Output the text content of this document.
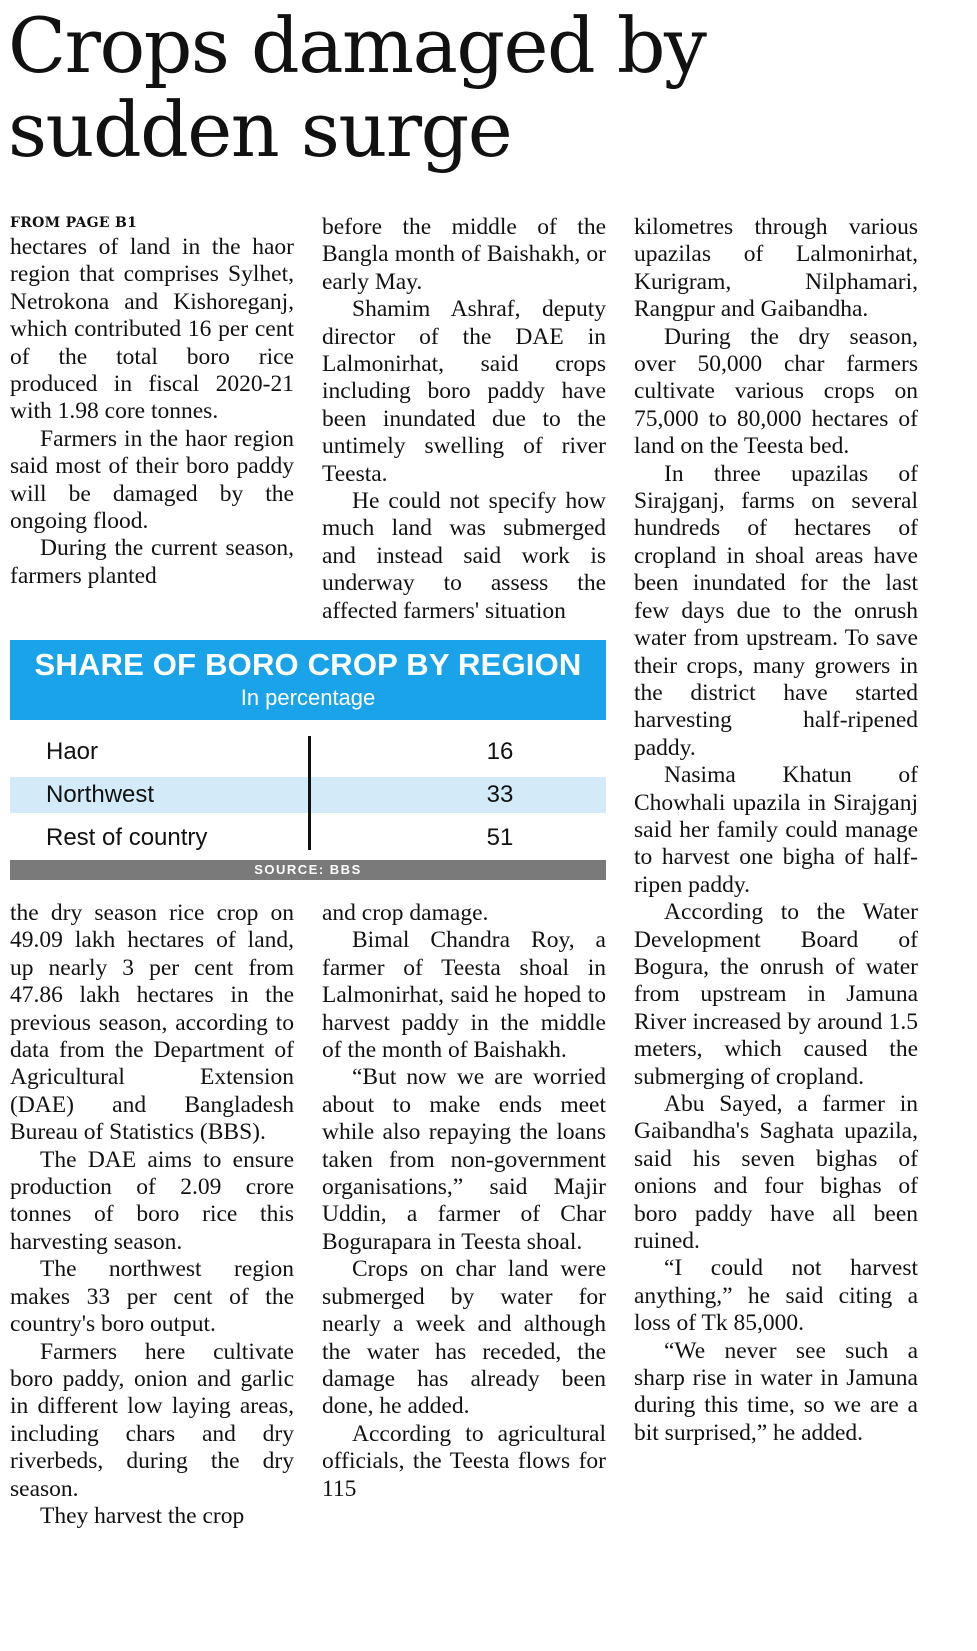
Crops damaged by sudden surge
FROM PAGE B1

hectares of land in the haor region that comprises Sylhet, Netrokona and Kishoreganj, which contributed 16 per cent of the total boro rice produced in fiscal 2020-21 with 1.98 core tonnes.

Farmers in the haor region said most of their boro paddy will be damaged by the ongoing flood.

During the current season, farmers planted

before the middle of the Bangla month of Baishakh, or early May.

Shamim Ashraf, deputy director of the DAE in Lalmonirhat, said crops including boro paddy have been inundated due to the untimely swelling of river Teesta.

He could not specify how much land was submerged and instead said work is underway to assess the affected farmers' situation

kilometres through various upazilas of Lalmonirhat, Kurigram, Nilphamari, Rangpur and Gaibandha.

During the dry season, over 50,000 char farmers cultivate various crops on 75,000 to 80,000 hectares of land on the Teesta bed.

In three upazilas of Sirajganj, farms on several hundreds of hectares of cropland in shoal areas have been inundated for the last few days due to the onrush water from upstream. To save their crops, many growers in the district have started harvesting half-ripened paddy.

Nasima Khatun of Chowhali upazila in Sirajganj said her family could manage to harvest one bigha of half-ripen paddy.

According to the Water Development Board of Bogura, the onrush of water from upstream in Jamuna River increased by around 1.5 meters, which caused the submerging of cropland.

Abu Sayed, a farmer in Gaibandha's Saghata upazila, said his seven bighas of onions and four bighas of boro paddy have all been ruined.

“I could not harvest anything,” he said citing a loss of Tk 85,000.

“We never see such a sharp rise in water in Jamuna during this time, so we are a bit surprised,” he added.

SHARE OF BORO CROP BY REGION
In percentage
Haor	16
Northwest	33
Rest of country	51
SOURCE: BBS

the dry season rice crop on 49.09 lakh hectares of land, up nearly 3 per cent from 47.86 lakh hectares in the previous season, according to data from the Department of Agricultural Extension (DAE) and Bangladesh Bureau of Statistics (BBS).

The DAE aims to ensure production of 2.09 crore tonnes of boro rice this harvesting season.

The northwest region makes 33 per cent of the country's boro output.

Farmers here cultivate boro paddy, onion and garlic in different low laying areas, including chars and dry riverbeds, during the dry season.

They harvest the crop

and crop damage.

Bimal Chandra Roy, a farmer of Teesta shoal in Lalmonirhat, said he hoped to harvest paddy in the middle of the month of Baishakh.

“But now we are worried about to make ends meet while also repaying the loans taken from non-government organisations,” said Majir Uddin, a farmer of Char Bogurapara in Teesta shoal.

Crops on char land were submerged by water for nearly a week and although the water has receded, the damage has already been done, he added.

According to agricultural officials, the Teesta flows for 115
